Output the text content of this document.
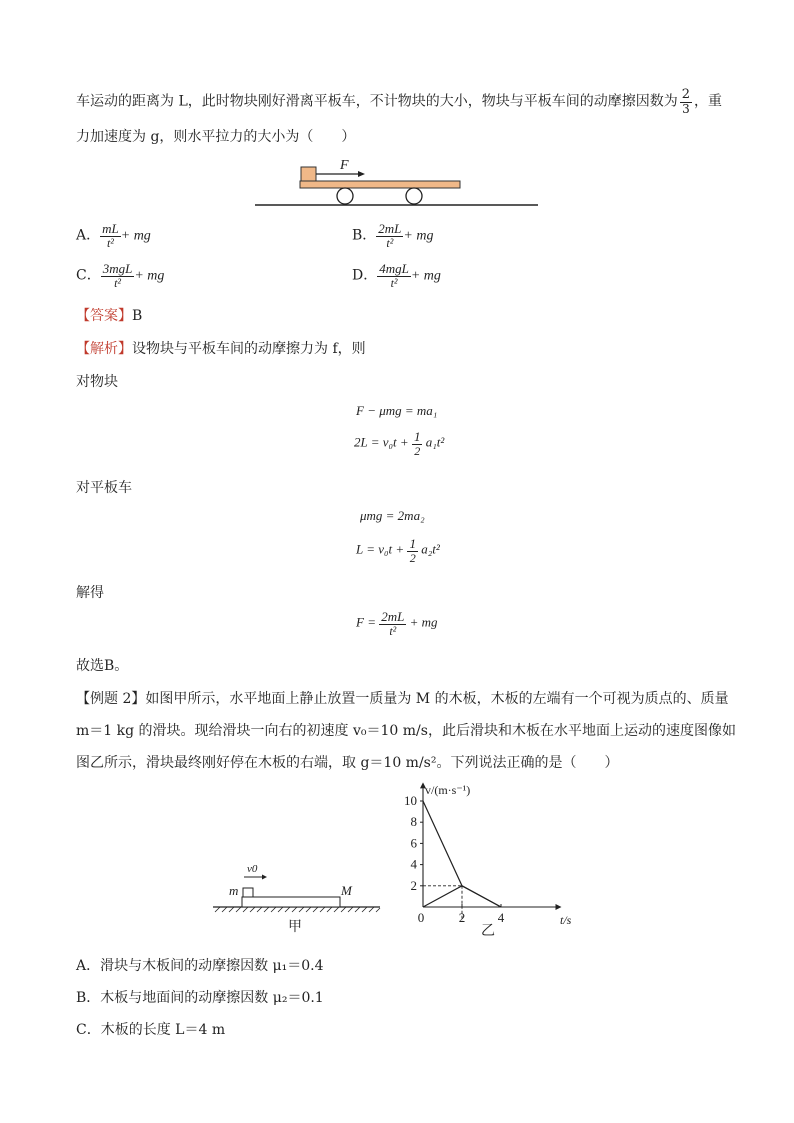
车运动的距离为 L，此时物块刚好滑离平板车，不计物块的大小，物块与平板车间的动摩擦因数为 $\frac{2}{3}$ ，重
力加速度为 g，则水平拉力的大小为（　　）
F
A． $\frac{mL}{\text{t²}}$ + mg	B． $\frac{2mL}{\text{t²}}$ + mg
C． $\frac{\text{3mgL}}{\text{t²}}$ + mg	D． $\frac{\text{4mgL}}{\text{t²}}$ + mg
【答案】B
【解析】设物块与平板车间的动摩擦力为 f，则
对物块
F − μmg = ma₁
$2L = v_0t + \frac{1}{2} a_1t^2$
对平板车
μmg = 2ma₂
$L = v_0t + \frac{1}{2} a_2t^2$
解得
$F = \frac{2mL}{\text{t²}}$ + mg
故选B。
【例题 2】如图甲所示，水平地面上静止放置一质量为 M 的木板，木板的左端有一个可视为质点的、质量
m＝1 kg 的滑块。现给滑块一向右的初速度 v₀＝10 m/s，此后滑块和木板在水平地面上运动的速度图像如
图乙所示，滑块最终刚好停在木板的右端，取 g＝10 m/s²。下列说法正确的是（　　）
v0
m	M
甲
2
4
6
8
10
0	2	4
v/(m·s⁻¹)
t/s
乙
A．滑块与木板间的动摩擦因数 μ₁＝0.4
B．木板与地面间的动摩擦因数 μ₂＝0.1
C．木板的长度 L＝4 m
